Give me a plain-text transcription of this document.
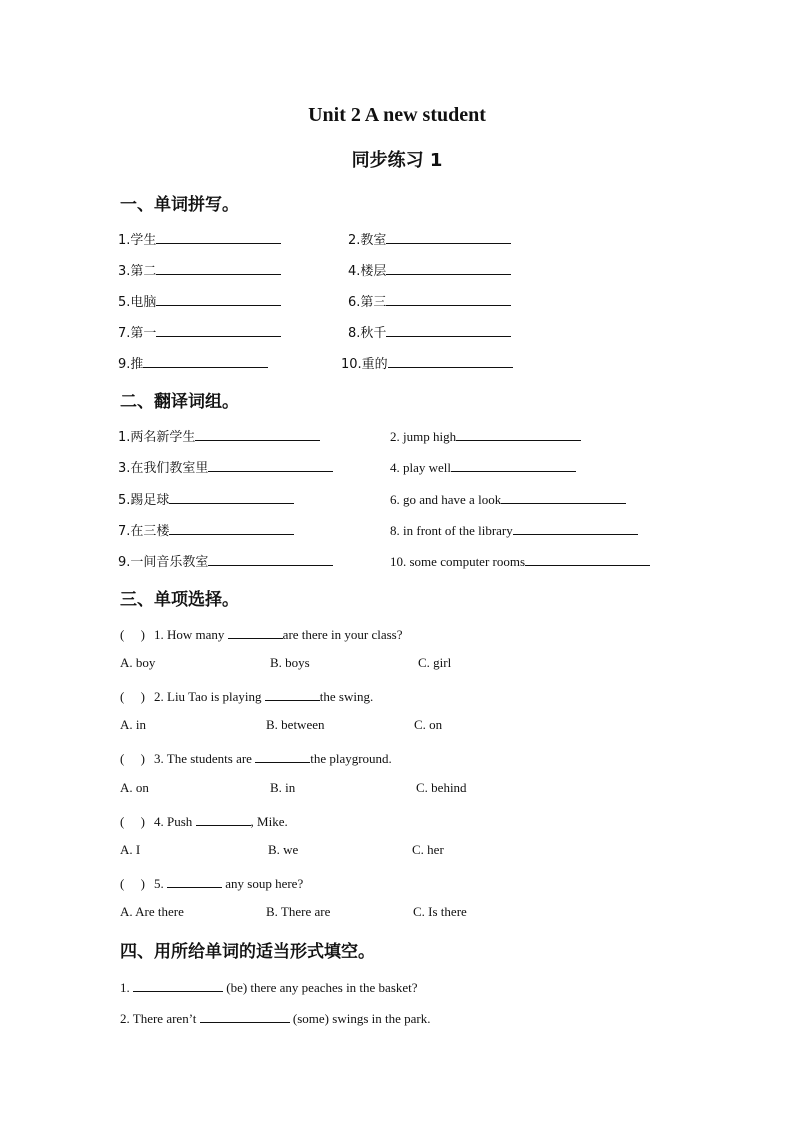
Unit 2 A new student
同步练习 1
一、单词拼写。
1.学生	2.教室
3.第二	4.楼层
5.电脑	6.第三
7.第一	8.秋千
9.推	10.重的
二、翻译词组。
1.两名新学生	2. jump high
3.在我们教室里	4. play well
5.踢足球	6. go and have a look
7.在三楼	8. in front of the library
9.一间音乐教室	10. some computer rooms
三、单项选择。
( ) 1. How many	are there in your class?
A. boy	B. boys	C. girl
( ) 2. Liu Tao is playing	the swing.
A. in	B. between	C. on
( ) 3. The students are	the playground.
A. on	B. in	C. behind
( ) 4. Push	, Mike.
A. I	B. we	C. her
( ) 5.	any soup here?
A. Are there	B. There are	C. Is there
四、用所给单词的适当形式填空。
1.	(be) there any peaches in the basket?
2. There aren’t	(some) swings in the park.
